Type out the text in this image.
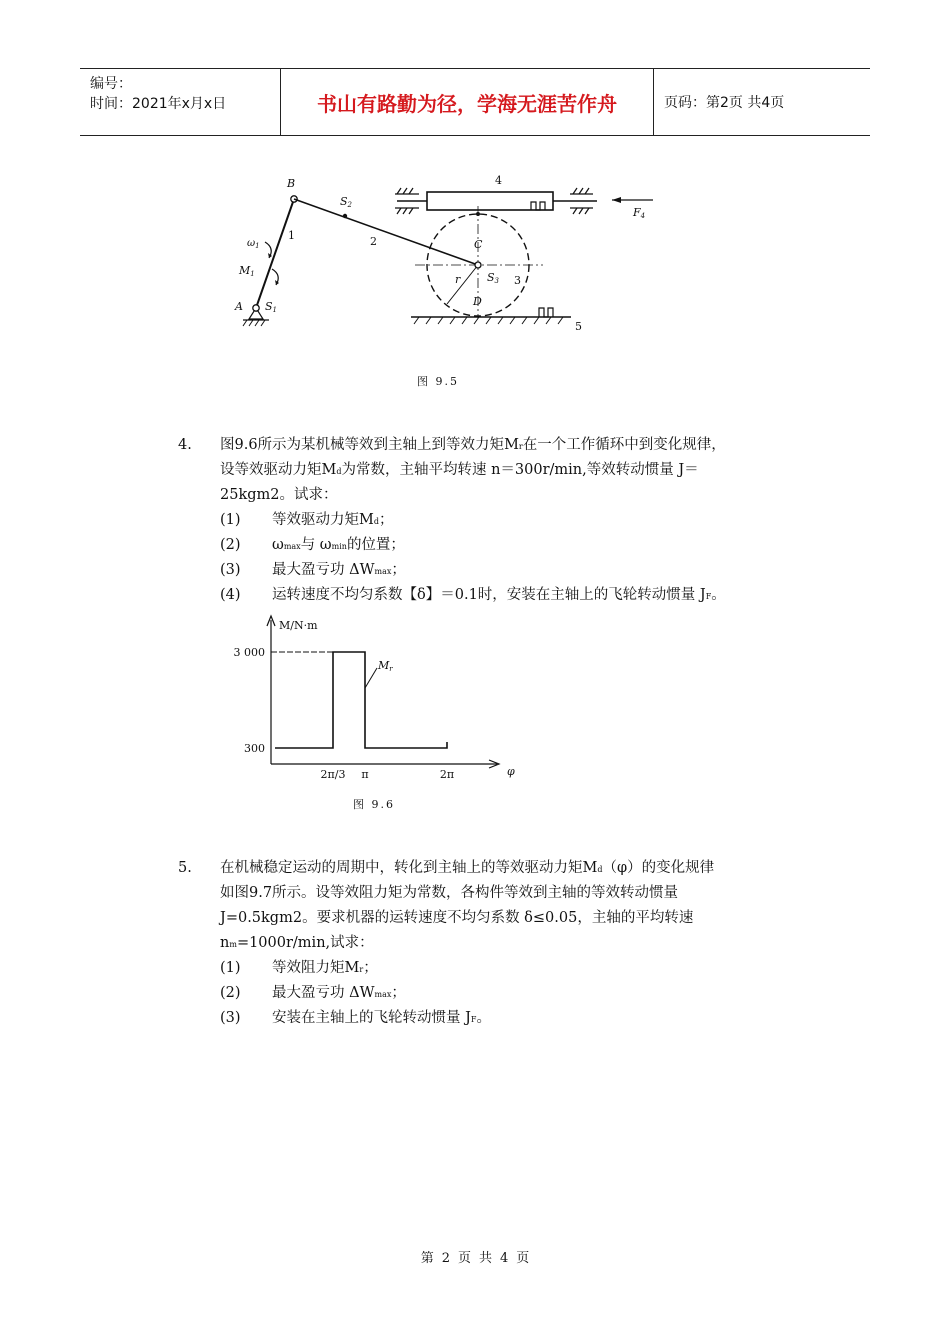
编号：
时间：2021年x月x日	书山有路勤为径，学海无涯苦作舟	页码：第2页 共4页
B
S2
2
4
F4
1
$\omega_1$
M1
A S1
C
r S3 3
D
5
图 9.5
4. 图9.6所示为某机械等效到主轴上到等效力矩Mr在一个工作循环中到变化规律，
设等效驱动力矩Md为常数，主轴平均转速 n＝300r/min,等效转动惯量 J＝
25kgm2。试求：
(1) 等效驱动力矩Md；
(2) ωmax与 ωmin的位置；
(3) 最大盈亏功 ΔWmax；
(4) 运转速度不均匀系数【δ】＝0.1时，安装在主轴上的飞轮转动惯量 JF。
M/N·m
φ
Mr
3 000
300
2π/3 π	2π
图 9.6
5. 在机械稳定运动的周期中，转化到主轴上的等效驱动力矩Md（φ）的变化规律
如图9.7所示。设等效阻力矩为常数，各构件等效到主轴的等效转动惯量
J=0.5kgm2。要求机器的运转速度不均匀系数 δ≤0.05，主轴的平均转速
nm=1000r/min,试求：
(1) 等效阻力矩Mr；
(2) 最大盈亏功 ΔWmax；
(3) 安装在主轴上的飞轮转动惯量 JF。
第 2 页 共 4 页
